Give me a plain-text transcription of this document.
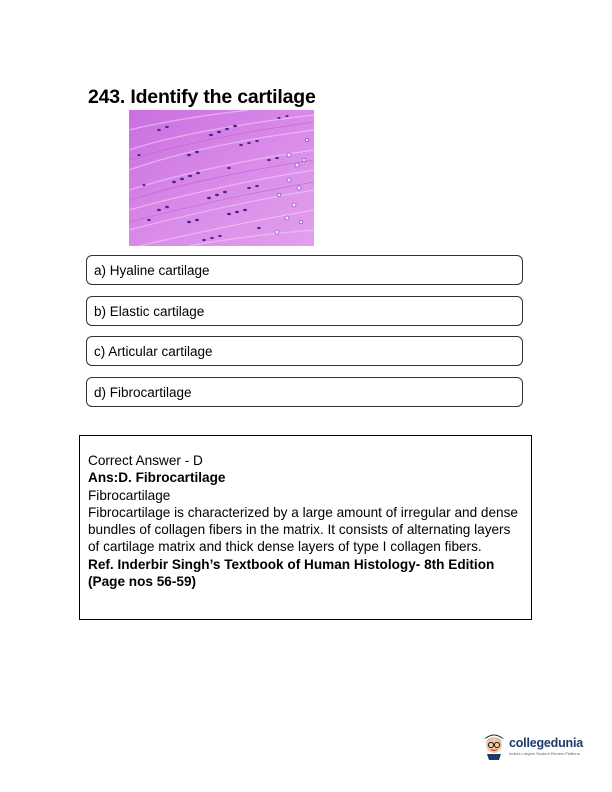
243. Identify the cartilage
a) Hyaline cartilage
b) Elastic cartilage
c) Articular cartilage
d) Fibrocartilage
Correct Answer - D
Ans:D. Fibrocartilage
Fibrocartilage
Fibrocartilage is characterized by a large amount of irregular and dense bundles of collagen fibers in the matrix. It consists of alternating layers of cartilage matrix and thick dense layers of type I collagen fibers.
Ref. Inderbir Singh’s Textbook of Human Histology- 8th Edition (Page nos 56-59)
collegedunia
India's Largest Student Review Platform
